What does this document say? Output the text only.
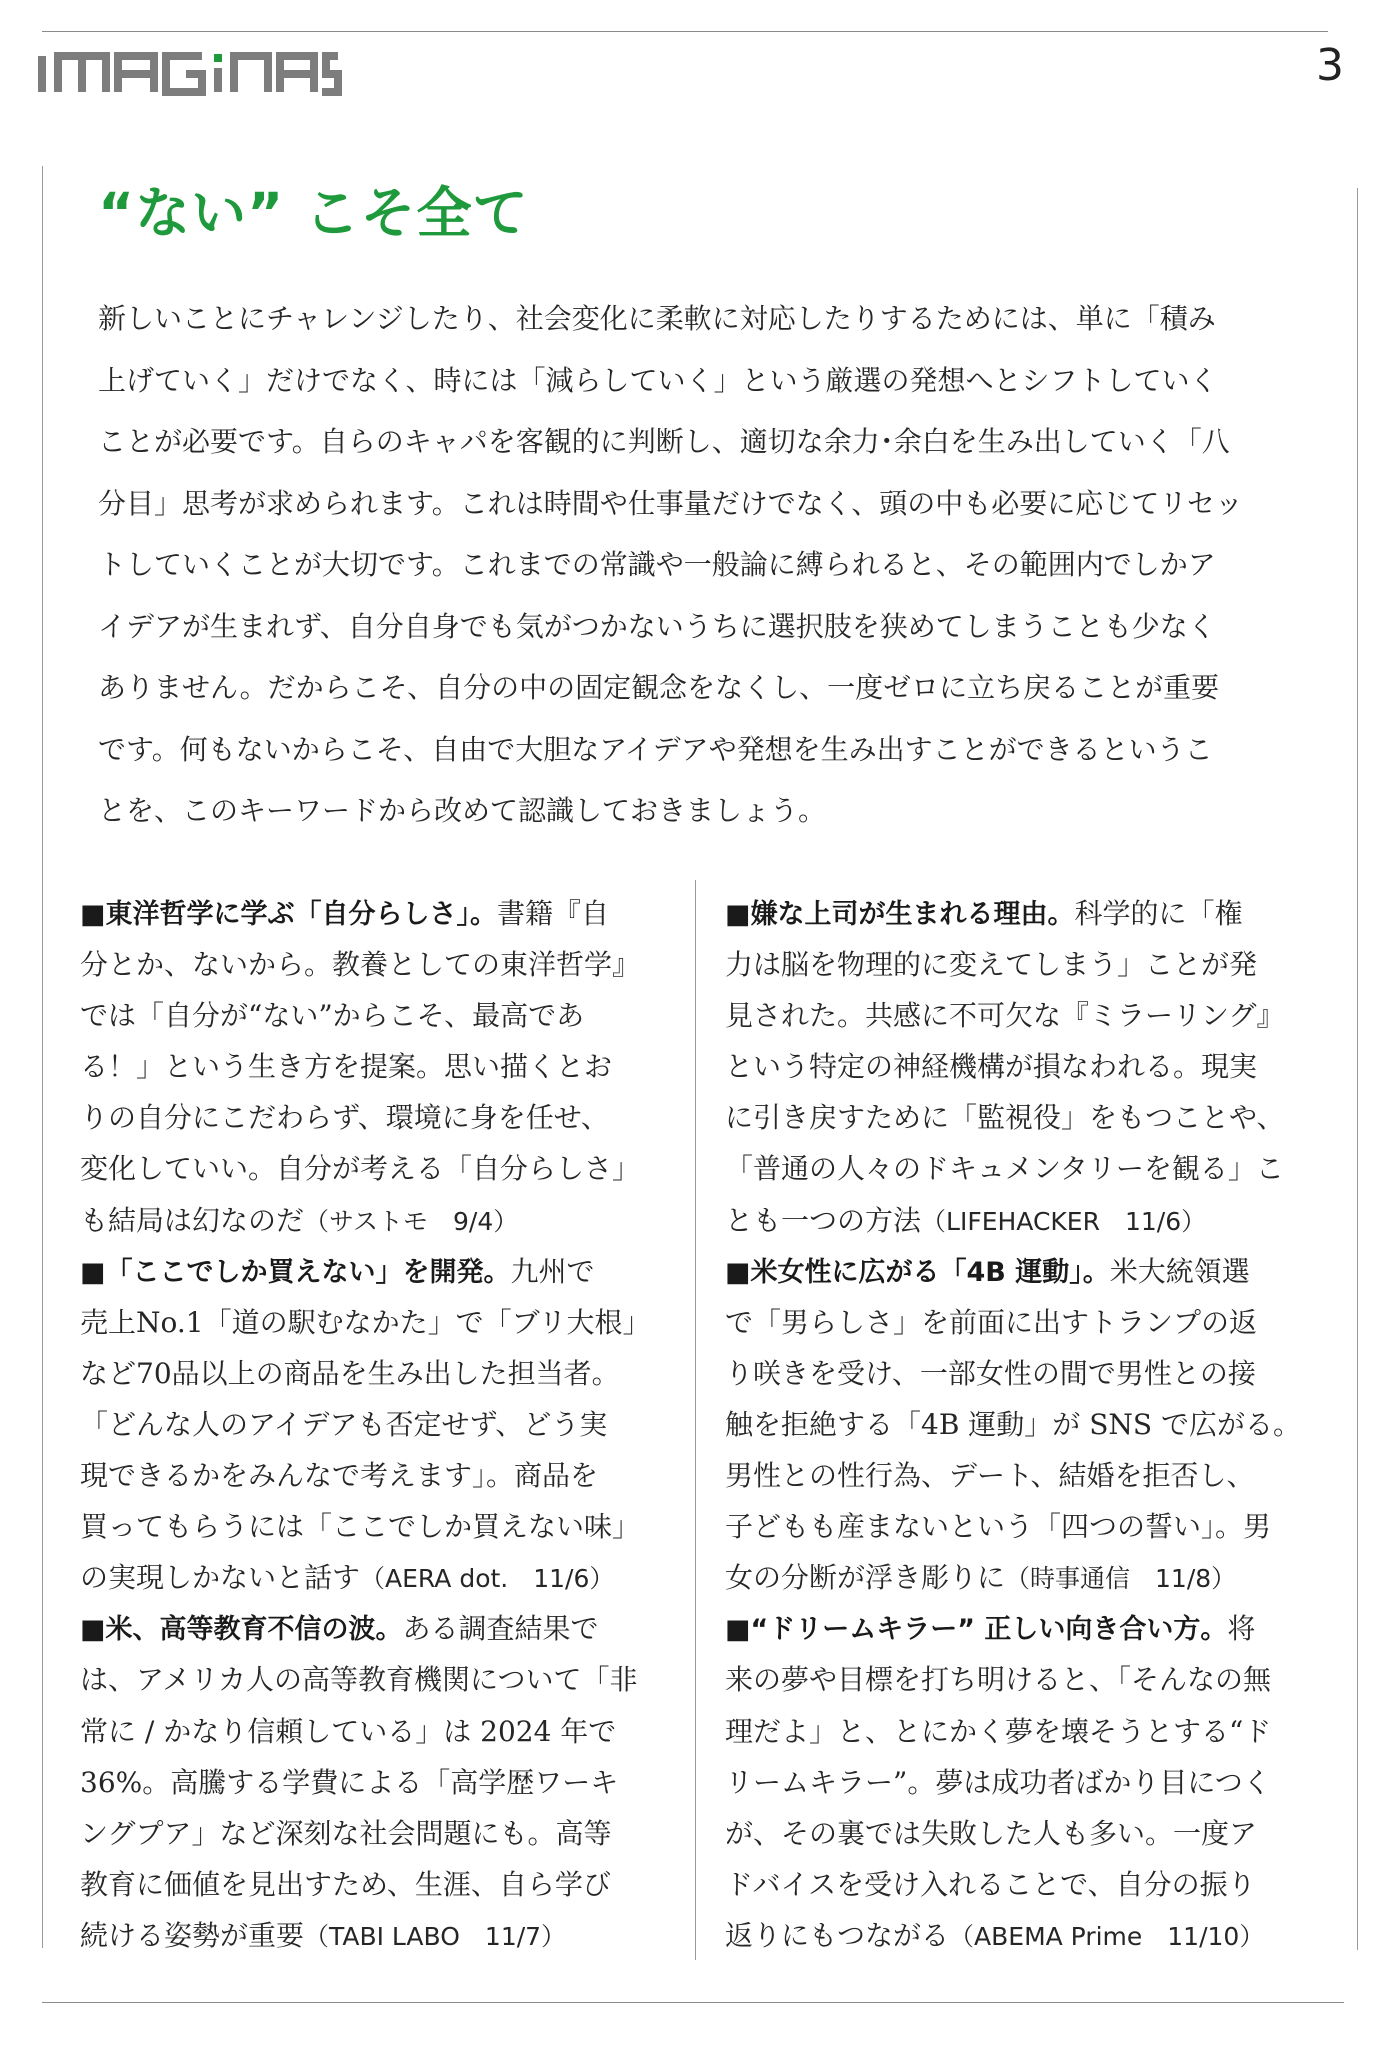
3
“ない” こそ全て
新しいことにチャレンジしたり、社会変化に柔軟に対応したりするためには、単に「積み
上げていく」だけでなく、時には「減らしていく」という厳選の発想へとシフトしていく
ことが必要です。自らのキャパを客観的に判断し、適切な余力･余白を生み出していく「八
分目」思考が求められます。これは時間や仕事量だけでなく、頭の中も必要に応じてリセッ
トしていくことが大切です。これまでの常識や一般論に縛られると、その範囲内でしかア
イデアが生まれず、自分自身でも気がつかないうちに選択肢を狭めてしまうことも少なく
ありません。だからこそ、自分の中の固定観念をなくし、一度ゼロに立ち戻ることが重要
です。何もないからこそ、自由で大胆なアイデアや発想を生み出すことができるというこ
とを、このキーワードから改めて認識しておきましょう。
■東洋哲学に学ぶ「自分らしさ」。書籍『自
分とか、ないから。教養としての東洋哲学』
では「自分が“ない”からこそ、最高であ
る！」という生き方を提案。思い描くとお
りの自分にこだわらず、環境に身を任せ、
変化していい。自分が考える「自分らしさ」
も結局は幻なのだ（サストモ　9/4）
■「ここでしか買えない」を開発。九州で
売上No.1「道の駅むなかた」で「ブリ大根」
など70品以上の商品を生み出した担当者。
「どんな人のアイデアも否定せず、どう実
現できるかをみんなで考えます」。商品を
買ってもらうには「ここでしか買えない味」
の実現しかないと話す（AERA dot.　11/6）
■米、高等教育不信の波。ある調査結果で
は、アメリカ人の高等教育機関について「非
常に / かなり信頼している」は 2024 年で
36%。高騰する学費による「高学歴ワーキ
ングプア」など深刻な社会問題にも。高等
教育に価値を見出すため、生涯、自ら学び
続ける姿勢が重要（TABI LABO　11/7）
■嫌な上司が生まれる理由。科学的に「権
力は脳を物理的に変えてしまう」ことが発
見された。共感に不可欠な『ミラーリング』
という特定の神経機構が損なわれる。現実
に引き戻すために「監視役」をもつことや、
「普通の人々のドキュメンタリーを観る」こ
とも一つの方法（LIFEHACKER　11/6）
■米女性に広がる「4B 運動」。米大統領選
で「男らしさ」を前面に出すトランプの返
り咲きを受け、一部女性の間で男性との接
触を拒絶する「4B 運動」が SNS で広がる。
男性との性行為、デート、結婚を拒否し、
子どもも産まないという「四つの誓い」。男
女の分断が浮き彫りに（時事通信　11/8）
■“ドリームキラー” 正しい向き合い方。将
来の夢や目標を打ち明けると、「そんなの無
理だよ」と、とにかく夢を壊そうとする“ド
リームキラー”。夢は成功者ばかり目につく
が、その裏では失敗した人も多い。一度ア
ドバイスを受け入れることで、自分の振り
返りにもつながる（ABEMA Prime　11/10）
